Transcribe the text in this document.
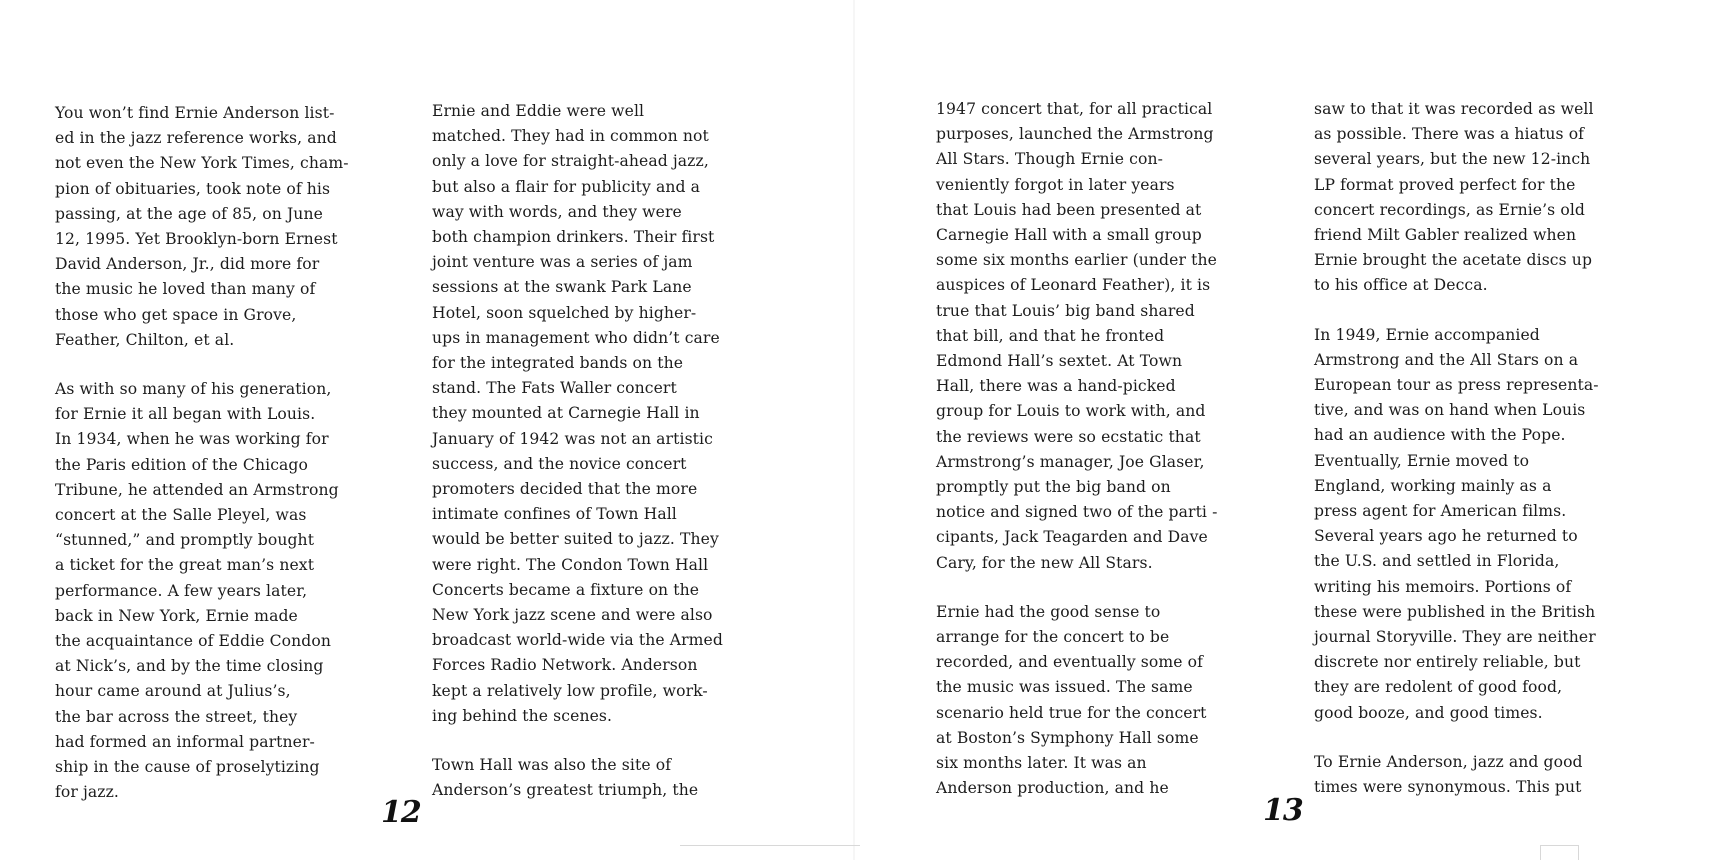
You won’t find Ernie Anderson list-
ed in the jazz reference works, and
not even the New York Times, cham-
pion of obituaries, took note of his
passing, at the age of 85, on June
12, 1995. Yet Brooklyn-born Ernest
David Anderson, Jr., did more for
the music he loved than many of
those who get space in Grove,
Feather, Chilton, et al.

As with so many of his generation,
for Ernie it all began with Louis.
In 1934, when he was working for
the Paris edition of the Chicago
Tribune, he attended an Armstrong
concert at the Salle Pleyel, was
“stunned,” and promptly bought
a ticket for the great man’s next
performance. A few years later,
back in New York, Ernie made
the acquaintance of Eddie Condon
at Nick’s, and by the time closing
hour came around at Julius’s,
the bar across the street, they
had formed an informal partner-
ship in the cause of proselytizing
for jazz.

Ernie and Eddie were well
matched. They had in common not
only a love for straight-ahead jazz,
but also a flair for publicity and a
way with words, and they were
both champion drinkers. Their first
joint venture was a series of jam
sessions at the swank Park Lane
Hotel, soon squelched by higher-
ups in management who didn’t care
for the integrated bands on the
stand. The Fats Waller concert
they mounted at Carnegie Hall in
January of 1942 was not an artistic
success, and the novice concert
promoters decided that the more
intimate confines of Town Hall
would be better suited to jazz. They
were right. The Condon Town Hall
Concerts became a fixture on the
New York jazz scene and were also
broadcast world-wide via the Armed
Forces Radio Network. Anderson
kept a relatively low profile, work-
ing behind the scenes.

Town Hall was also the site of
Anderson’s greatest triumph, the

12

1947 concert that, for all practical
purposes, launched the Armstrong
All Stars. Though Ernie con-
veniently forgot in later years
that Louis had been presented at
Carnegie Hall with a small group
some six months earlier (under the
auspices of Leonard Feather), it is
true that Louis’ big band shared
that bill, and that he fronted
Edmond Hall’s sextet. At Town
Hall, there was a hand-picked
group for Louis to work with, and
the reviews were so ecstatic that
Armstrong’s manager, Joe Glaser,
promptly put the big band on
notice and signed two of the parti -
cipants, Jack Teagarden and Dave
Cary, for the new All Stars.

Ernie had the good sense to
arrange for the concert to be
recorded, and eventually some of
the music was issued. The same
scenario held true for the concert
at Boston’s Symphony Hall some
six months later. It was an
Anderson production, and he

saw to that it was recorded as well
as possible. There was a hiatus of
several years, but the new 12-inch
LP format proved perfect for the
concert recordings, as Ernie’s old
friend Milt Gabler realized when
Ernie brought the acetate discs up
to his office at Decca.

In 1949, Ernie accompanied
Armstrong and the All Stars on a
European tour as press representa-
tive, and was on hand when Louis
had an audience with the Pope.
Eventually, Ernie moved to
England, working mainly as a
press agent for American films.
Several years ago he returned to
the U.S. and settled in Florida,
writing his memoirs. Portions of
these were published in the British
journal Storyville. They are neither
discrete nor entirely reliable, but
they are redolent of good food,
good booze, and good times.

To Ernie Anderson, jazz and good
times were synonymous. This put

13
